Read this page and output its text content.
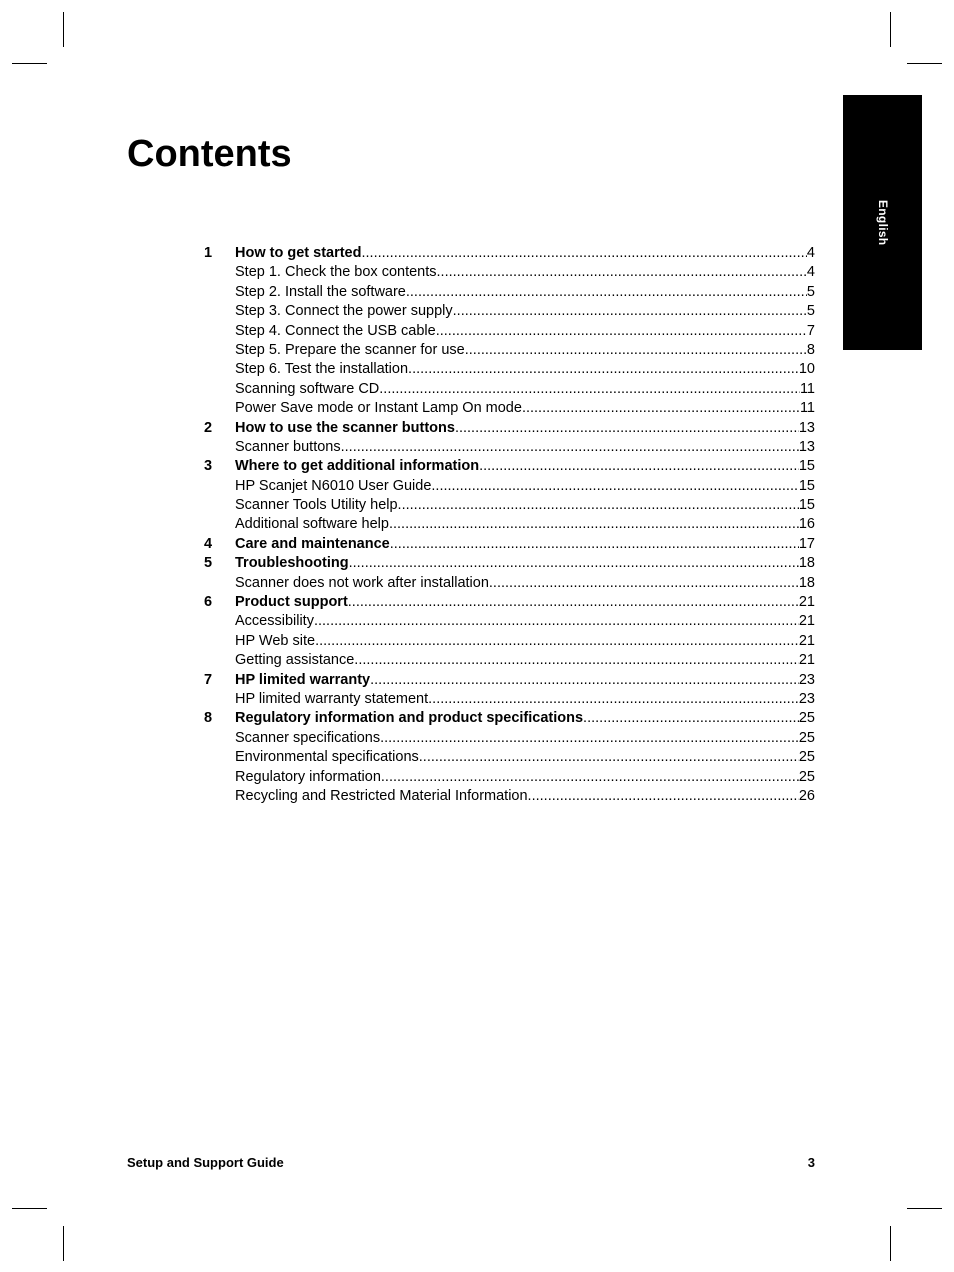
English
Contents
1	How to get started .....	4
Step 1. Check the box contents .....	4
Step 2. Install the software .....	5
Step 3. Connect the power supply .....	5
Step 4. Connect the USB cable .....	7
Step 5. Prepare the scanner for use .....	8
Step 6. Test the installation .....	10
Scanning software CD .....	11
Power Save mode or Instant Lamp On mode .....	11
2	How to use the scanner buttons .....	13
Scanner buttons .....	13
3	Where to get additional information .....	15
HP Scanjet N6010 User Guide .....	15
Scanner Tools Utility help .....	15
Additional software help .....	16
4	Care and maintenance .....	17
5	Troubleshooting .....	18
Scanner does not work after installation .....	18
6	Product support .....	21
Accessibility .....	21
HP Web site .....	21
Getting assistance .....	21
7	HP limited warranty .....	23
HP limited warranty statement .....	23
8	Regulatory information and product specifications .....	25
Scanner specifications .....	25
Environmental specifications .....	25
Regulatory information .....	25
Recycling and Restricted Material Information .....	26
Setup and Support Guide	3
